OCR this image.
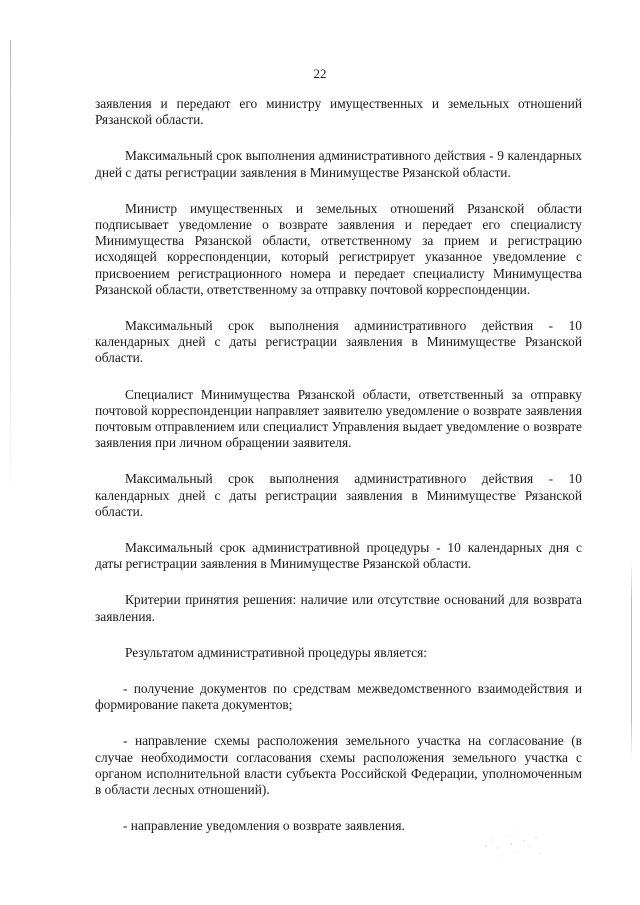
22

заявления и передают его министру имущественных и земельных отношений Рязанской области.

Максимальный срок выполнения административного действия - 9 календарных дней с даты регистрации заявления в Минимуществе Рязанской области.

Министр имущественных и земельных отношений Рязанской области подписывает уведомление о возврате заявления и передает его специалисту Минимущества Рязанской области, ответственному за прием и регистрацию исходящей корреспонденции, который регистрирует указанное уведомление с присвоением регистрационного номера и передает специалисту Минимущества Рязанской области, ответственному за отправку почтовой корреспонденции.

Максимальный срок выполнения административного действия - 10 календарных дней с даты регистрации заявления в Минимуществе Рязанской области.

Специалист Минимущества Рязанской области, ответственный за отправку почтовой корреспонденции направляет заявителю уведомление о возврате заявления почтовым отправлением или специалист Управления выдает уведомление о возврате заявления при личном обращении заявителя.

Максимальный срок выполнения административного действия - 10 календарных дней с даты регистрации заявления в Минимуществе Рязанской области.

Максимальный срок административной процедуры - 10 календарных дня с даты регистрации заявления в Минимуществе Рязанской области.

Критерии принятия решения: наличие или отсутствие оснований для возврата заявления.

Результатом административной процедуры является:

- получение документов по средствам межведомственного взаимодействия и формирование пакета документов;

- направление схемы расположения земельного участка на согласование (в случае необходимости согласования схемы расположения земельного участка с органом исполнительной власти субъекта Российской Федерации, уполномоченным в области лесных отношений).

- направление уведомления о возврате заявления.
